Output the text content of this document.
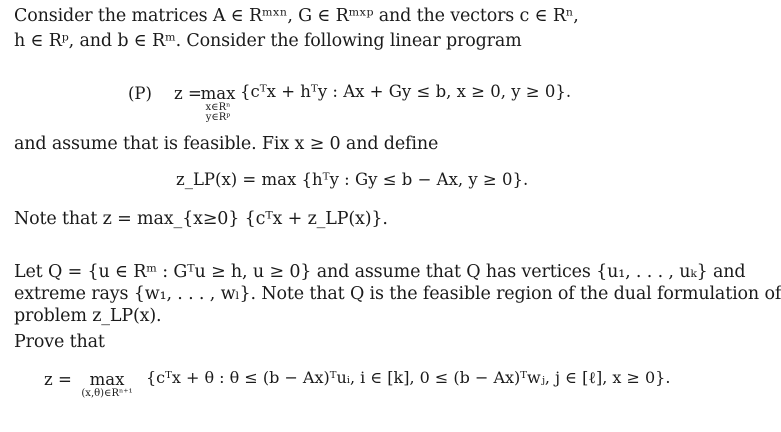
Consider the matrices A ∈ Rᵐˣⁿ, G ∈ Rᵐˣᵖ and the vectors c ∈ Rⁿ,
h ∈ Rᵖ, and b ∈ Rᵐ. Consider the following linear program
(P) z =
max
x∈Rⁿ
y∈Rᵖ
{cᵀx + hᵀy : Ax + Gy ≤ b, x ≥ 0, y ≥ 0}.
and assume that is feasible. Fix x ≥ 0 and define
z_LP(x) = max {hᵀy : Gy ≤ b − Ax, y ≥ 0}.
Note that z = max_{x≥0} {cᵀx + z_LP(x)}.
Let Q = {u ∈ Rᵐ : Gᵀu ≥ h, u ≥ 0} and assume that Q has vertices {u₁, . . . , uₖ} and
extreme rays {w₁, . . . , wₗ}. Note that Q is the feasible region of the dual formulation of
problem z_LP(x).
Prove that
z =	max
(x,θ)∈Rⁿ⁺¹
{cᵀx + θ : θ ≤ (b − Ax)ᵀuᵢ, i ∈ [k], 0 ≤ (b − Ax)ᵀwⱼ, j ∈ [ℓ], x ≥ 0}.
